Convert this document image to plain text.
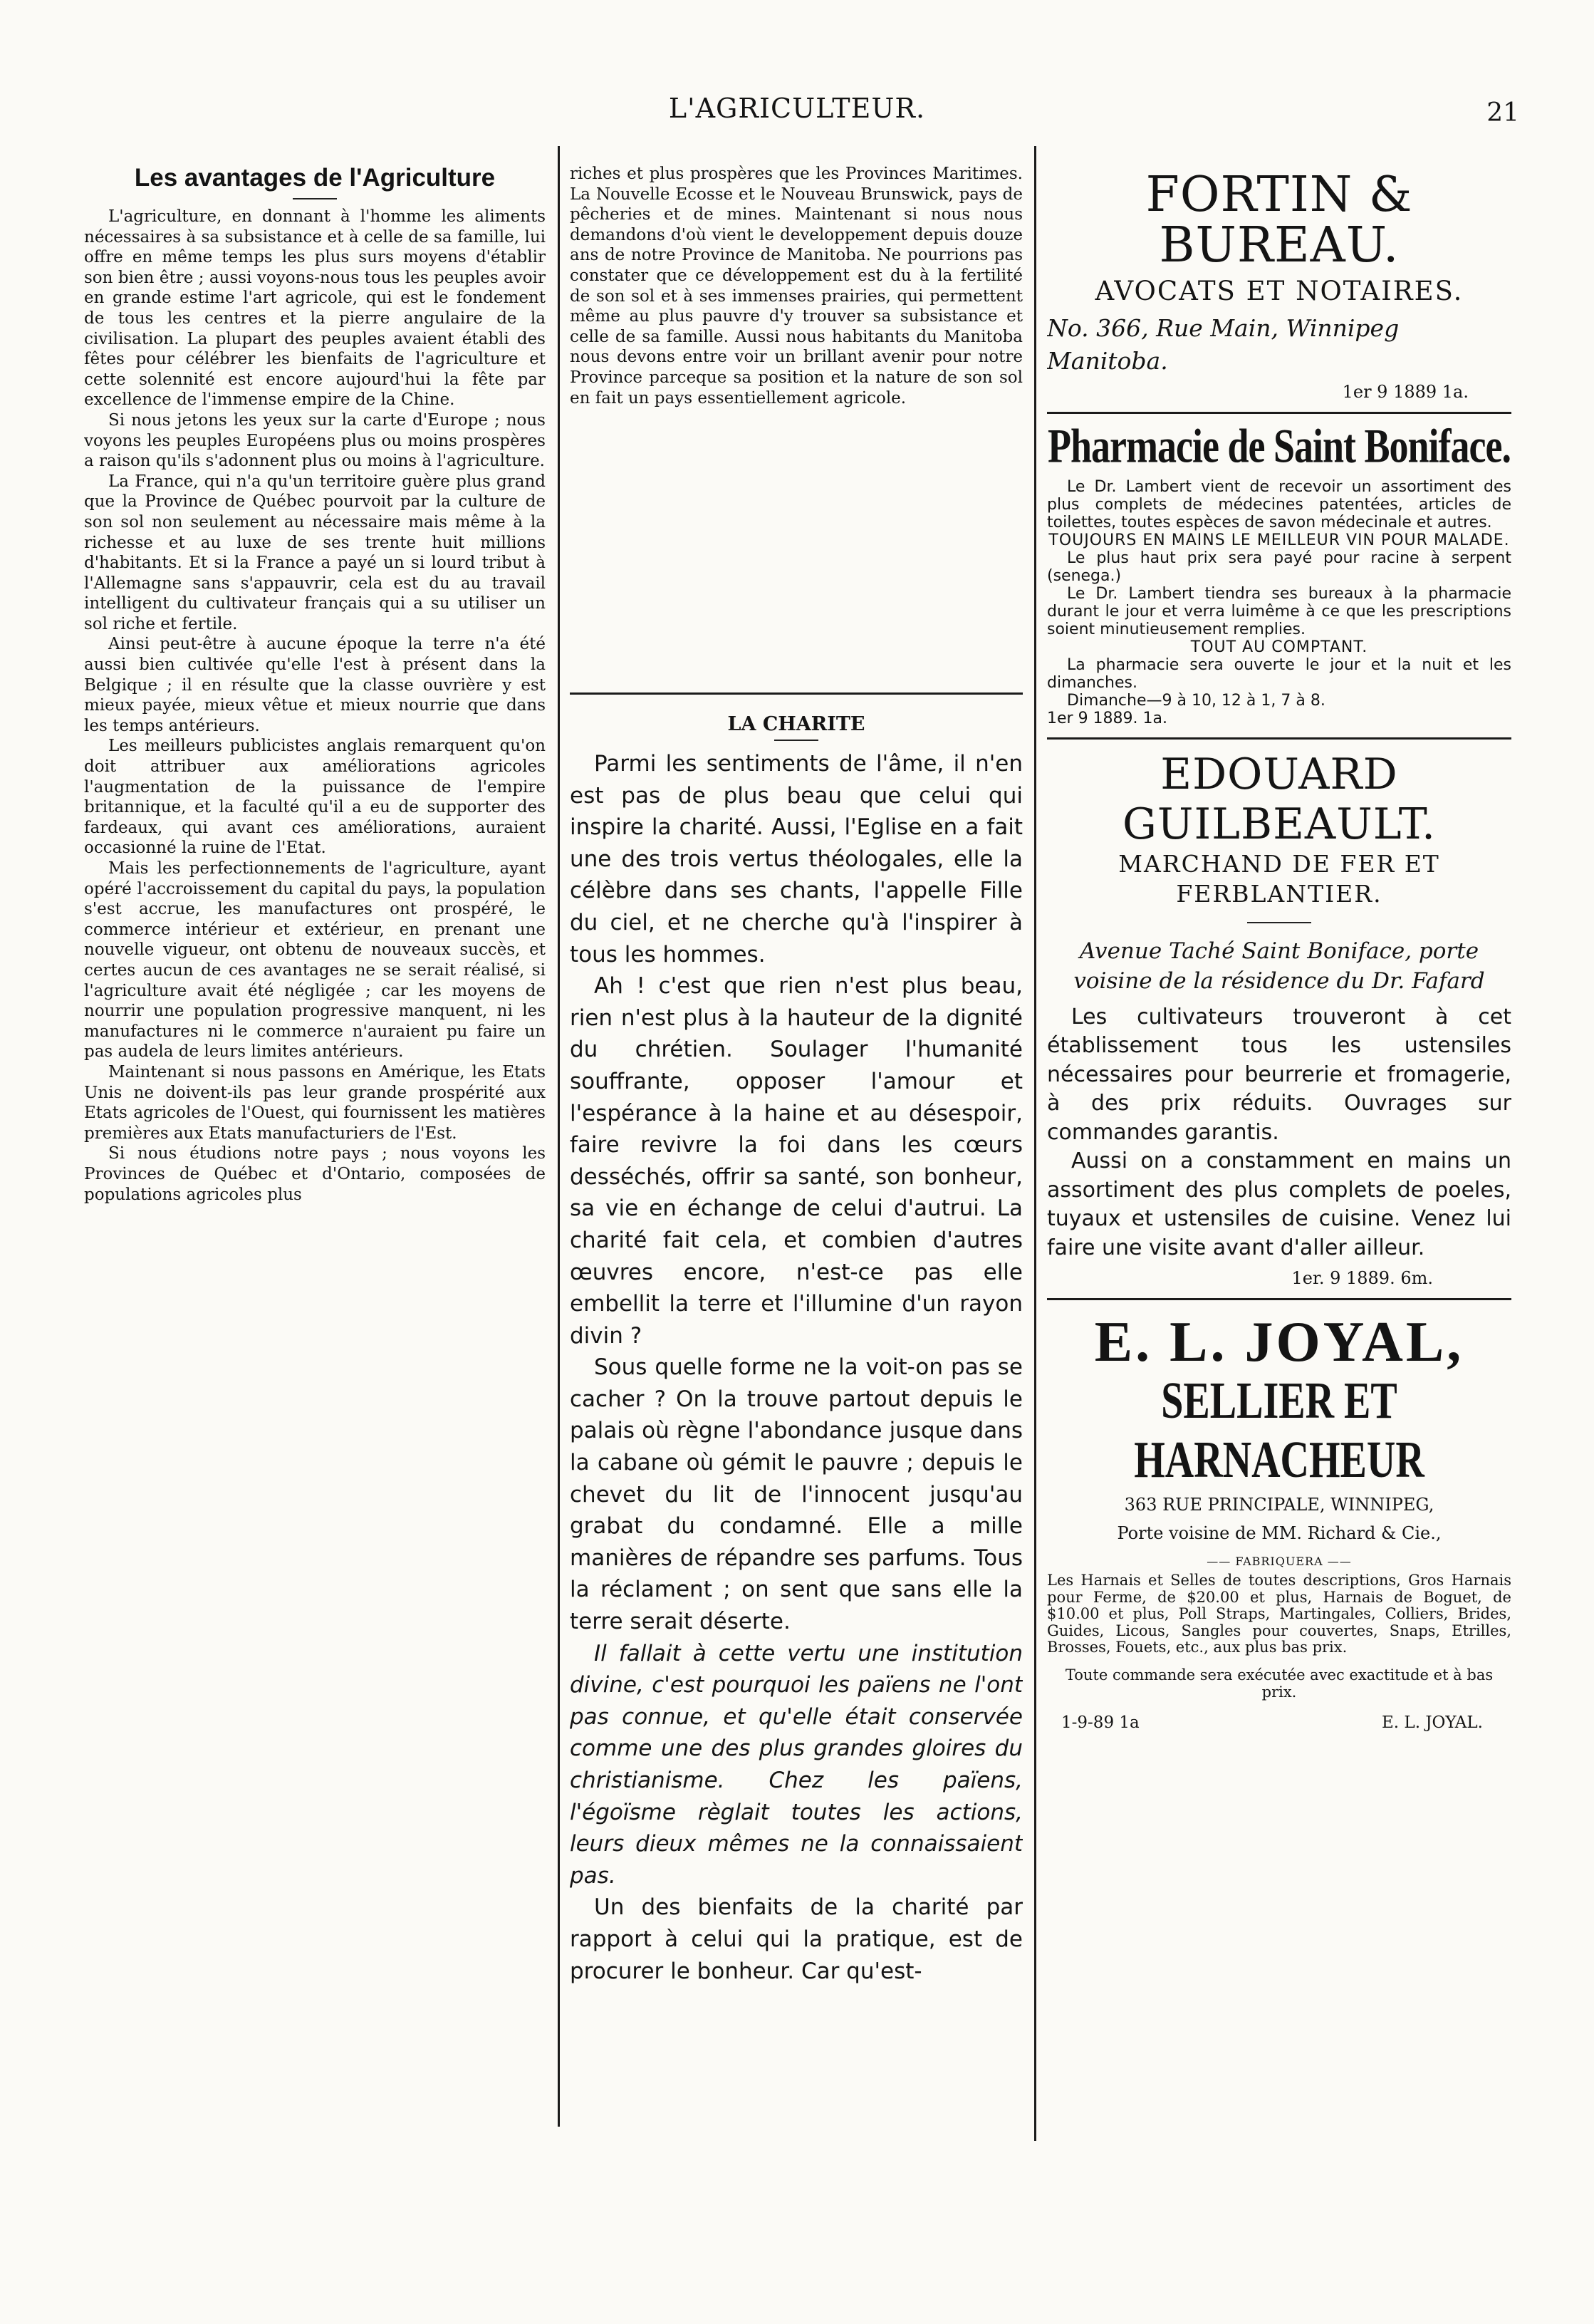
L'AGRICULTEUR.	21
Les avantages de l'Agriculture

L'agriculture, en donnant à l'homme les aliments nécessaires à sa subsistance et à celle de sa famille, lui offre en même temps les plus surs moyens d'établir son bien être ; aussi voyons-nous tous les peuples avoir en grande estime l'art agricole, qui est le fondement de tous les centres et la pierre angulaire de la civilisation. La plupart des peuples avaient établi des fêtes pour célébrer les bienfaits de l'agriculture et cette solennité est encore aujourd'hui la fête par excellence de l'immense empire de la Chine.

Si nous jetons les yeux sur la carte d'Europe ; nous voyons les peuples Européens plus ou moins prospères a raison qu'ils s'adonnent plus ou moins à l'agriculture.

La France, qui n'a qu'un territoire guère plus grand que la Province de Québec pourvoit par la culture de son sol non seulement au nécessaire mais même à la richesse et au luxe de ses trente huit millions d'habitants. Et si la France a payé un si lourd tribut à l'Allemagne sans s'appauvrir, cela est du au travail intelligent du cultivateur français qui a su utiliser un sol riche et fertile.

Ainsi peut-être à aucune époque la terre n'a été aussi bien cultivée qu'elle l'est à présent dans la Belgique ; il en résulte que la classe ouvrière y est mieux payée, mieux vêtue et mieux nourrie que dans les temps antérieurs.

Les meilleurs publicistes anglais remarquent qu'on doit attribuer aux améliorations agricoles l'augmentation de la puissance de l'empire britannique, et la faculté qu'il a eu de supporter des fardeaux, qui avant ces améliorations, auraient occasionné la ruine de l'Etat.

Mais les perfectionnements de l'agriculture, ayant opéré l'accroissement du capital du pays, la population s'est accrue, les manufactures ont prospéré, le commerce intérieur et extérieur, en prenant une nouvelle vigueur, ont obtenu de nouveaux succès, et certes aucun de ces avantages ne se serait réalisé, si l'agriculture avait été négligée ; car les moyens de nourrir une population progressive manquent, ni les manufactures ni le commerce n'auraient pu faire un pas audela de leurs limites antérieurs.

Maintenant si nous passons en Amérique, les Etats Unis ne doivent-ils pas leur grande prospérité aux Etats agricoles de l'Ouest, qui fournissent les matières premières aux Etats manufacturiers de l'Est.

Si nous étudions notre pays ; nous voyons les Provinces de Québec et d'Ontario, composées de populations agricoles plus

riches et plus prospères que les Provinces Maritimes. La Nouvelle Ecosse et le Nouveau Brunswick, pays de pêcheries et de mines. Maintenant si nous nous demandons d'où vient le developpement depuis douze ans de notre Province de Manitoba. Ne pourrions pas constater que ce développement est du à la fertilité de son sol et à ses immenses prairies, qui permettent même au plus pauvre d'y trouver sa subsistance et celle de sa famille. Aussi nous habitants du Manitoba nous devons entre voir un brillant avenir pour notre Province parceque sa position et la nature de son sol en fait un pays essentiellement agricole.

LA CHARITE

Parmi les sentiments de l'âme, il n'en est pas de plus beau que celui qui inspire la charité. Aussi, l'Eglise en a fait une des trois vertus théologales, elle la célèbre dans ses chants, l'appelle Fille du ciel, et ne cherche qu'à l'inspirer à tous les hommes.

Ah ! c'est que rien n'est plus beau, rien n'est plus à la hauteur de la dignité du chrétien. Soulager l'humanité souffrante, opposer l'amour et l'espérance à la haine et au désespoir, faire revivre la foi dans les cœurs desséchés, offrir sa santé, son bonheur, sa vie en échange de celui d'autrui. La charité fait cela, et combien d'autres œuvres encore, n'est-ce pas elle embellit la terre et l'illumine d'un rayon divin ?

Sous quelle forme ne la voit-on pas se cacher ? On la trouve partout depuis le palais où règne l'abondance jusque dans la cabane où gémit le pauvre ; depuis le chevet du lit de l'innocent jusqu'au grabat du condamné. Elle a mille manières de répandre ses parfums. Tous la réclament ; on sent que sans elle la terre serait déserte.

Il fallait à cette vertu une institution divine, c'est pourquoi les païens ne l'ont pas connue, et qu'elle était conservée comme une des plus grandes gloires du christianisme. Chez les païens, l'égoïsme règlait toutes les actions, leurs dieux mêmes ne la connaissaient pas.

Un des bienfaits de la charité par rapport à celui qui la pratique, est de procurer le bonheur. Car qu'est-

FORTIN & BUREAU.
AVOCATS ET NOTAIRES.
No. 366, Rue Main, Winnipeg Manitoba.
1er 9 1889 1a.
Pharmacie de Saint Boniface.

Le Dr. Lambert vient de recevoir un assortiment des plus complets de médecines patentées, articles de toilettes, toutes espèces de savon médecinale et autres.

TOUJOURS EN MAINS LE MEILLEUR VIN POUR MALADE.

Le plus haut prix sera payé pour racine à serpent (senega.)

Le Dr. Lambert tiendra ses bureaux à la pharmacie durant le jour et verra luimême à ce que les prescriptions soient minutieusement remplies.

TOUT AU COMPTANT.

La pharmacie sera ouverte le jour et la nuit et les dimanches.

Dimanche—9 à 10, 12 à 1, 7 à 8.

1er 9 1889. 1a.

EDOUARD GUILBEAULT.
MARCHAND DE FER ET FERBLANTIER.
Avenue Taché Saint Boniface, porte voisine de la résidence du Dr. Fafard

Les cultivateurs trouveront à cet établissement tous les ustensiles nécessaires pour beurrerie et fromagerie, à des prix réduits. Ouvrages sur commandes garantis.

Aussi on a constamment en mains un assortiment des plus complets de poeles, tuyaux et ustensiles de cuisine. Venez lui faire une visite avant d'aller ailleur.

1er. 9 1889. 6m.
E. L. JOYAL,
SELLIER ET HARNACHEUR
363 RUE PRINCIPALE, WINNIPEG,
Porte voisine de MM. Richard & Cie.,
—— FABRIQUERA ——
Les Harnais et Selles de toutes descriptions, Gros Harnais pour Ferme, de $20.00 et plus, Harnais de Boguet, de $10.00 et plus, Poll Straps, Martingales, Colliers, Brides, Guides, Licous, Sangles pour couvertes, Snaps, Etrilles, Brosses, Fouets, etc., aux plus bas prix.
Toute commande sera exécutée avec exactitude et à bas prix.
1-9-89 1a	E. L. JOYAL.
